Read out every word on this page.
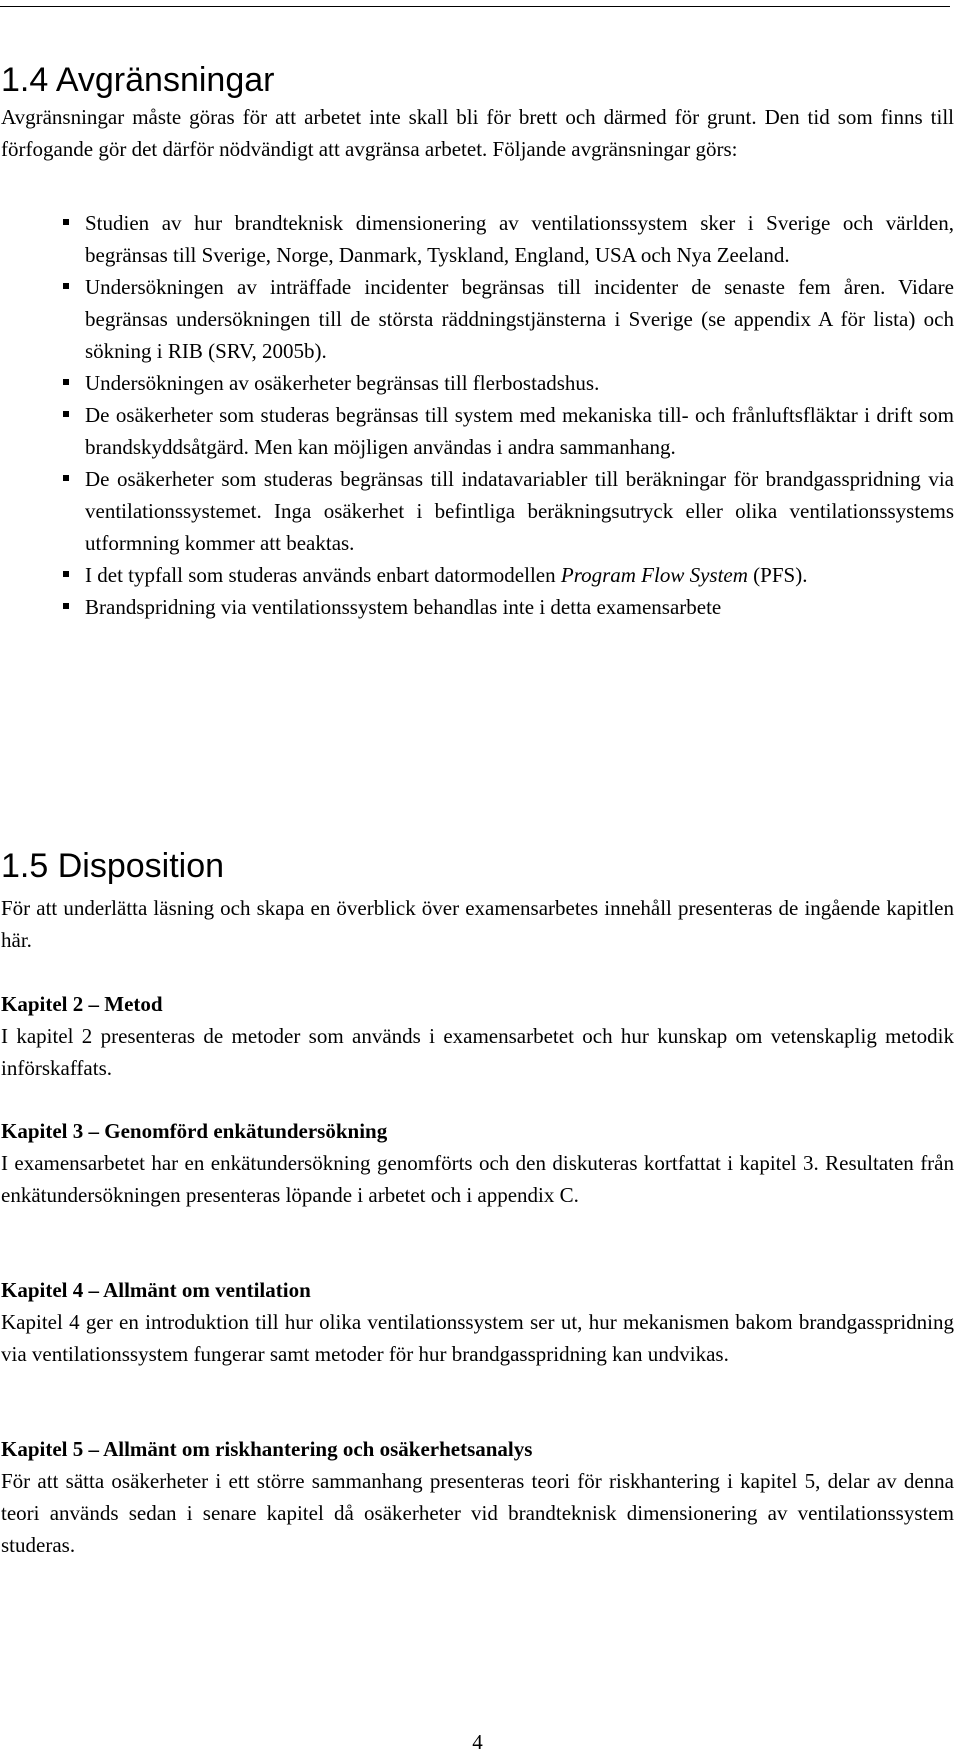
1.4 Avgränsningar

Avgränsningar måste göras för att arbetet inte skall bli för brett och därmed för grunt. Den tid som finns till förfogande gör det därför nödvändigt att avgränsa arbetet. Följande avgränsningar görs:

Studien av hur brandteknisk dimensionering av ventilationssystem sker i Sverige och världen, begränsas till Sverige, Norge, Danmark, Tyskland, England, USA och Nya Zeeland.
Undersökningen av inträffade incidenter begränsas till incidenter de senaste fem åren. Vidare begränsas undersökningen till de största räddningstjänsterna i Sverige (se appendix A för lista) och sökning i RIB (SRV, 2005b).
Undersökningen av osäkerheter begränsas till flerbostadshus.
De osäkerheter som studeras begränsas till system med mekaniska till- och frånluftsfläktar i drift som brandskyddsåtgärd. Men kan möjligen användas i andra sammanhang.
De osäkerheter som studeras begränsas till indatavariabler till beräkningar för brandgasspridning via ventilationssystemet. Inga osäkerhet i befintliga beräkningsutryck eller olika ventilationssystems utformning kommer att beaktas.
I det typfall som studeras används enbart datormodellen Program Flow System (PFS).
Brandspridning via ventilationssystem behandlas inte i detta examensarbete
1.5 Disposition

För att underlätta läsning och skapa en överblick över examensarbetes innehåll presenteras de ingående kapitlen här.

Kapitel 2 – Metod

I kapitel 2 presenteras de metoder som används i examensarbetet och hur kunskap om vetenskaplig metodik införskaffats.

Kapitel 3 – Genomförd enkätundersökning

I examensarbetet har en enkätundersökning genomförts och den diskuteras kortfattat i kapitel 3. Resultaten från enkätundersökningen presenteras löpande i arbetet och i appendix C.

Kapitel 4 – Allmänt om ventilation

Kapitel 4 ger en introduktion till hur olika ventilationssystem ser ut, hur mekanismen bakom brandgasspridning via ventilationssystem fungerar samt metoder för hur brandgasspridning kan undvikas.

Kapitel 5 – Allmänt om riskhantering och osäkerhetsanalys

För att sätta osäkerheter i ett större sammanhang presenteras teori för riskhantering i kapitel 5, delar av denna teori används sedan i senare kapitel då osäkerheter vid brandteknisk dimensionering av ventilationssystem studeras.

4
